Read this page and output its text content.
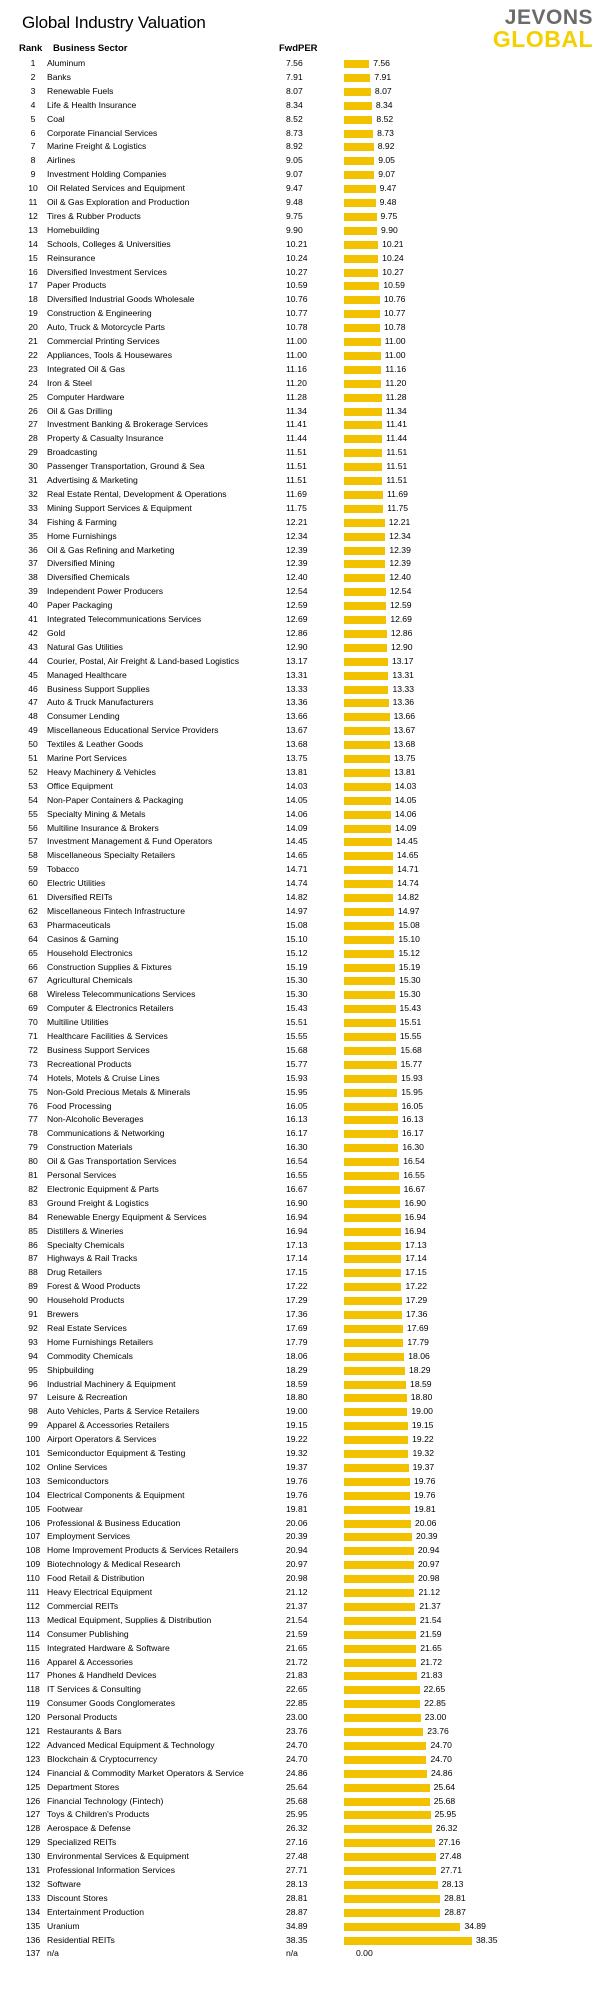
Global Industry Valuation	JEVONS
GLOBAL
Rank Business Sector	FwdPER
1	Aluminum	7.56	7.56
2	Banks	7.91	7.91
3	Renewable Fuels	8.07	8.07
4	Life & Health Insurance	8.34	8.34
5	Coal	8.52	8.52
6	Corporate Financial Services	8.73	8.73
7	Marine Freight & Logistics	8.92	8.92
8	Airlines	9.05	9.05
9	Investment Holding Companies	9.07	9.07
10	Oil Related Services and Equipment	9.47	9.47
11	Oil & Gas Exploration and Production	9.48	9.48
12	Tires & Rubber Products	9.75	9.75
13	Homebuilding	9.90	9.90
14	Schools, Colleges & Universities	10.21	10.21
15	Reinsurance	10.24	10.24
16	Diversified Investment Services	10.27	10.27
17	Paper Products	10.59	10.59
18	Diversified Industrial Goods Wholesale	10.76	10.76
19	Construction & Engineering	10.77	10.77
20	Auto, Truck & Motorcycle Parts	10.78	10.78
21	Commercial Printing Services	11.00	11.00
22	Appliances, Tools & Housewares	11.00	11.00
23	Integrated Oil & Gas	11.16	11.16
24	Iron & Steel	11.20	11.20
25	Computer Hardware	11.28	11.28
26	Oil & Gas Drilling	11.34	11.34
27	Investment Banking & Brokerage Services	11.41	11.41
28	Property & Casualty Insurance	11.44	11.44
29	Broadcasting	11.51	11.51
30	Passenger Transportation, Ground & Sea	11.51	11.51
31	Advertising & Marketing	11.51	11.51
32	Real Estate Rental, Development & Operations	11.69	11.69
33	Mining Support Services & Equipment	11.75	11.75
34	Fishing & Farming	12.21	12.21
35	Home Furnishings	12.34	12.34
36	Oil & Gas Refining and Marketing	12.39	12.39
37	Diversified Mining	12.39	12.39
38	Diversified Chemicals	12.40	12.40
39	Independent Power Producers	12.54	12.54
40	Paper Packaging	12.59	12.59
41	Integrated Telecommunications Services	12.69	12.69
42	Gold	12.86	12.86
43	Natural Gas Utilities	12.90	12.90
44	Courier, Postal, Air Freight & Land-based Logistics	13.17	13.17
45	Managed Healthcare	13.31	13.31
46	Business Support Supplies	13.33	13.33
47	Auto & Truck Manufacturers	13.36	13.36
48	Consumer Lending	13.66	13.66
49	Miscellaneous Educational Service Providers	13.67	13.67
50	Textiles & Leather Goods	13.68	13.68
51	Marine Port Services	13.75	13.75
52	Heavy Machinery & Vehicles	13.81	13.81
53	Office Equipment	14.03	14.03
54	Non-Paper Containers & Packaging	14.05	14.05
55	Specialty Mining & Metals	14.06	14.06
56	Multiline Insurance & Brokers	14.09	14.09
57	Investment Management & Fund Operators	14.45	14.45
58	Miscellaneous Specialty Retailers	14.65	14.65
59	Tobacco	14.71	14.71
60	Electric Utilities	14.74	14.74
61	Diversified REITs	14.82	14.82
62	Miscellaneous Fintech Infrastructure	14.97	14.97
63	Pharmaceuticals	15.08	15.08
64	Casinos & Gaming	15.10	15.10
65	Household Electronics	15.12	15.12
66	Construction Supplies & Fixtures	15.19	15.19
67	Agricultural Chemicals	15.30	15.30
68	Wireless Telecommunications Services	15.30	15.30
69	Computer & Electronics Retailers	15.43	15.43
70	Multiline Utilities	15.51	15.51
71	Healthcare Facilities & Services	15.55	15.55
72	Business Support Services	15.68	15.68
73	Recreational Products	15.77	15.77
74	Hotels, Motels & Cruise Lines	15.93	15.93
75	Non-Gold Precious Metals & Minerals	15.95	15.95
76	Food Processing	16.05	16.05
77	Non-Alcoholic Beverages	16.13	16.13
78	Communications & Networking	16.17	16.17
79	Construction Materials	16.30	16.30
80	Oil & Gas Transportation Services	16.54	16.54
81	Personal Services	16.55	16.55
82	Electronic Equipment & Parts	16.67	16.67
83	Ground Freight & Logistics	16.90	16.90
84	Renewable Energy Equipment & Services	16.94	16.94
85	Distillers & Wineries	16.94	16.94
86	Specialty Chemicals	17.13	17.13
87	Highways & Rail Tracks	17.14	17.14
88	Drug Retailers	17.15	17.15
89	Forest & Wood Products	17.22	17.22
90	Household Products	17.29	17.29
91	Brewers	17.36	17.36
92	Real Estate Services	17.69	17.69
93	Home Furnishings Retailers	17.79	17.79
94	Commodity Chemicals	18.06	18.06
95	Shipbuilding	18.29	18.29
96	Industrial Machinery & Equipment	18.59	18.59
97	Leisure & Recreation	18.80	18.80
98	Auto Vehicles, Parts & Service Retailers	19.00	19.00
99	Apparel & Accessories Retailers	19.15	19.15
100 Airport Operators & Services	19.22	19.22
101 Semiconductor Equipment & Testing	19.32	19.32
102 Online Services	19.37	19.37
103 Semiconductors	19.76	19.76
104 Electrical Components & Equipment	19.76	19.76
105 Footwear	19.81	19.81
106 Professional & Business Education	20.06	20.06
107 Employment Services	20.39	20.39
108 Home Improvement Products & Services Retailers	20.94	20.94
109 Biotechnology & Medical Research	20.97	20.97
110 Food Retail & Distribution	20.98	20.98
111 Heavy Electrical Equipment	21.12	21.12
112 Commercial REITs	21.37	21.37
113 Medical Equipment, Supplies & Distribution	21.54	21.54
114 Consumer Publishing	21.59	21.59
115 Integrated Hardware & Software	21.65	21.65
116 Apparel & Accessories	21.72	21.72
117 Phones & Handheld Devices	21.83	21.83
118 IT Services & Consulting	22.65	22.65
119 Consumer Goods Conglomerates	22.85	22.85
120 Personal Products	23.00	23.00
121 Restaurants & Bars	23.76	23.76
122 Advanced Medical Equipment & Technology	24.70	24.70
123 Blockchain & Cryptocurrency	24.70	24.70
124 Financial & Commodity Market Operators & Service	24.86	24.86
125 Department Stores	25.64	25.64
126 Financial Technology (Fintech)	25.68	25.68
127 Toys & Children's Products	25.95	25.95
128 Aerospace & Defense	26.32	26.32
129 Specialized REITs	27.16	27.16
130 Environmental Services & Equipment	27.48	27.48
131 Professional Information Services	27.71	27.71
132 Software	28.13	28.13
133 Discount Stores	28.81	28.81
134 Entertainment Production	28.87	28.87
135 Uranium	34.89	34.89
136 Residential REITs	38.35	38.35
137 n/a	n/a	0.00
